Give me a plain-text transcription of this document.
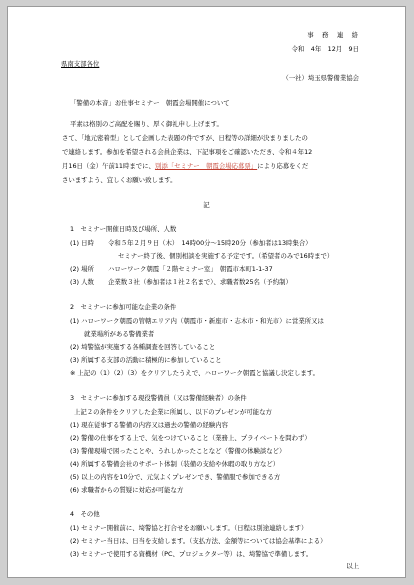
事　務　連　絡
令和　4年　12月　9日
県南支部各位
（一社）埼玉県警備業協会
「警備の本音」お仕事セミナー　朝霞会場開催について
平素は格別のご高配を賜り、厚く御礼申し上げます。
さて、「地元密着型」として企画した表題の件ですが、日程等の詳細が決まりましたの
で連絡します。参加を希望される会員企業は、下記事項をご確認いただき、令和４年12
月16日（金）午前11時までに、別添「セミナー　朝霞会場応募票」により応募をくだ
さいますよう、宜しくお願い致します。
記
1　セミナー開催日時及び場所、人数
(1) 日時 令和５年２月９日（木）　14時00分～15時20分（参加者は13時集合）
セミナー終了後、個別相談を実施する予定です。（希望者のみで16時まで）
(2) 場所 ハローワーク朝霞「２階セミナー室」　朝霞市本町1-1-37
(3) 人数 企業数３社（参加者は１社２名まで）、求職者数25名（予約制）
2　セミナーに参加可能な企業の条件
(1) ハローワーク朝霞の管轄エリア内（朝霞市・新座市・志木市・和光市）に営業所又は
就業場所がある警備業者
(2) 埼警協が実施する各種調査を回答していること
(3) 所属する支部の活動に積極的に参加していること
※ 上記の（1）（2）（3）をクリアしたうえで、ハローワーク朝霞と協議し決定します。
3　セミナーに参加する現役警備員（又は警備経験者）の条件
上記２の条件をクリアした企業に所属し、以下のプレゼンが可能な方
(1) 現在従事する警備の内容又は過去の警備の経験内容
(2) 警備の仕事をする上で、気をつけていること（業務上、プライベートを問わず）
(3) 警備現場で困ったことや、うれしかったことなど（警備の体験談など）
(4) 所属する警備会社のサポート体制（装備の支給や休暇の取り方など）
(5) 以上の内容を10分で、元気よくプレゼンでき、警備服で参加できる方
(6) 求職者からの質疑に対応が可能な方
4　その他
(1) セミナー開催前に、埼警協と打合せをお願いします。（日程は別途連絡します）
(2) セミナー当日は、日当を支給します。（支払方法、金額等については協会基準による）
(3) セミナーで使用する資機材（PC、プロジェクター等）は、埼警協で準備します。
以上
